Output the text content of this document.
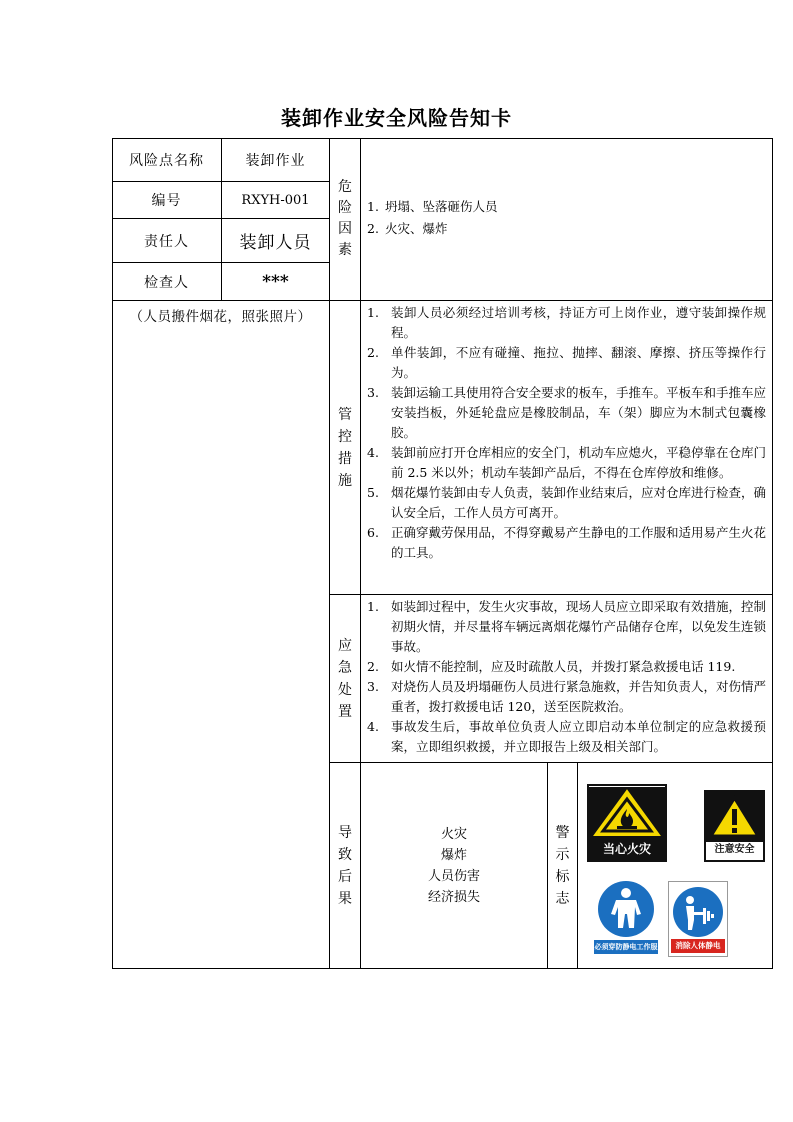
装卸作业安全风险告知卡
风险点名称	装卸作业
编号	RXYH-001
责任人	装卸人员
检查人	***
（人员搬件烟花，照张照片）
危
险
因
素
1. 坍塌、坠落砸伤人员
2. 火灾、爆炸
管
控
措
施
1. 装卸人员必须经过培训考核，持证方可上岗作业，遵守装卸操作规程。
2. 单件装卸，不应有碰撞、拖拉、抛摔、翻滚、摩擦、挤压等操作行为。
3. 装卸运输工具使用符合安全要求的板车，手推车。平板车和手推车应安装挡板，外延轮盘应是橡胶制品，车（架）脚应为木制式包囊橡胶。
4. 装卸前应打开仓库相应的安全门，机动车应熄火，平稳停靠在仓库门前 2.5 米以外；机动车装卸产品后，不得在仓库停放和维修。
5. 烟花爆竹装卸由专人负责，装卸作业结束后，应对仓库进行检查，确认安全后，工作人员方可离开。
6. 正确穿戴劳保用品，不得穿戴易产生静电的工作服和适用易产生火花的工具。
应
急
处
置
1. 如装卸过程中，发生火灾事故，现场人员应立即采取有效措施，控制初期火情，并尽量将车辆远离烟花爆竹产品储存仓库，以免发生连锁事故。
2. 如火情不能控制，应及时疏散人员，并拨打紧急救援电话 119.
3. 对烧伤人员及坍塌砸伤人员进行紧急施救，并告知负责人，对伤情严重者，拨打救援电话 120，送至医院救治。
4. 事故发生后，事故单位负责人应立即启动本单位制定的应急救援预案，立即组织救援，并立即报告上级及相关部门。
导
致
后
果
火灾
爆炸
人员伤害
经济损失
警
示
标
志
当心火灾	注意安全
必须穿防静电工作服	消除人体静电
